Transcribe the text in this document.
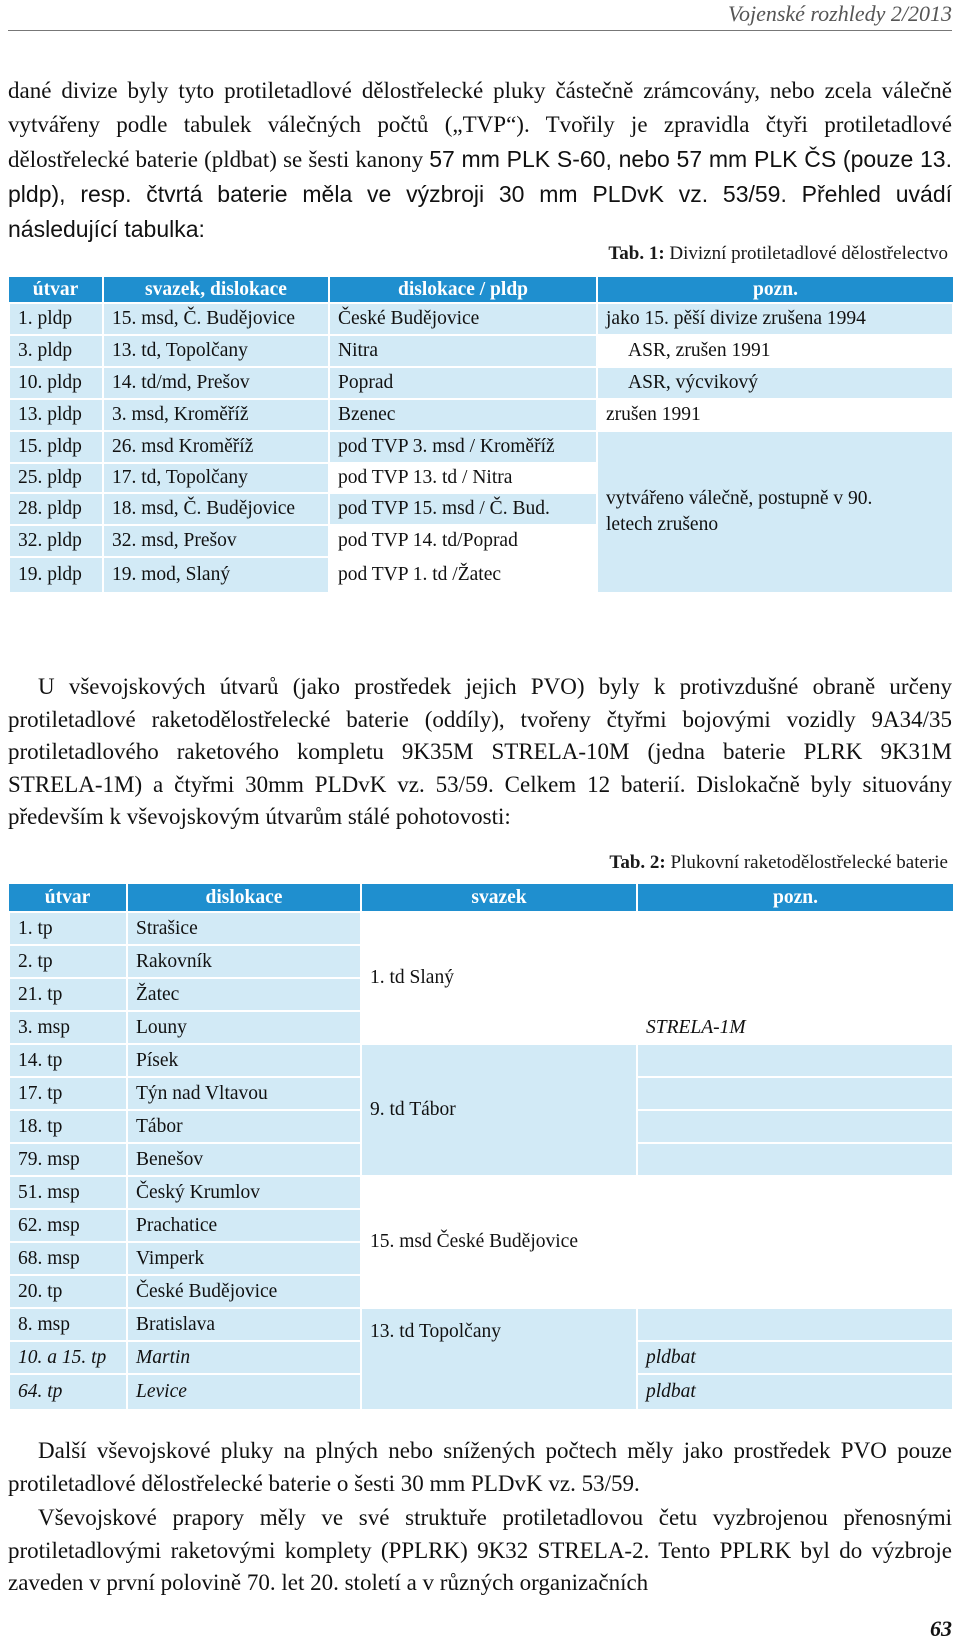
Vojenské rozhledy 2/2013

dané divize byly tyto protiletadlové dělostřelecké pluky částečně zrámcovány, nebo zcela válečně vytvářeny podle tabulek válečných počtů („TVP“). Tvořily je zpravidla čtyři protiletadlové dělostřelecké baterie (pldbat) se šesti kanony 57 mm PLK S-60, nebo 57 mm PLK ČS (pouze 13. pldp), resp. čtvrtá baterie měla ve výzbroji 30 mm PLDvK vz. 53/59. Přehled uvádí následující tabulka:

Tab. 1: Divizní protiletadlové dělostřelectvo
útvar	svazek, dislokace	dislokace / pldp	pozn.
1. pldp	15. msd, Č. Budějovice	České Budějovice	jako 15. pěší divize zrušena 1994
3. pldp	13. td, Topolčany	Nitra	ASR, zrušen 1991
10. pldp	14. td/md, Prešov	Poprad	ASR, výcvikový
13. pldp	3. msd, Kroměříž	Bzenec	zrušen 1991
15. pldp	26. msd Kroměříž	pod TVP 3. msd / Kroměříž	vytvářeno válečně, postupně v 90. letech zrušeno
25. pldp	17. td, Topolčany	pod TVP 13. td / Nitra	
28. pldp	18. msd, Č. Budějovice	pod TVP 15. msd / Č. Bud.	
32. pldp	32. msd, Prešov	pod TVP 14. td/Poprad	
19. pldp	19. mod, Slaný	pod TVP 1. td /Žatec	

U všev​ojskových útvarů (jako prostředek jejich PVO) byly k protivzdušné obraně určeny protiletadlové raketodělostřelecké baterie (oddíly), tvořeny čtyřmi bojovými vozidly 9A34/35 protiletadlového raketového kompletu 9K35M STRELA-10M (jedna baterie PLRK 9K31M STRELA-1M) a čtyřmi 30mm PLDvK vz. 53/59. Celkem 12 baterií. Dislokačně byly situovány především k všev​ojskovým útvarům stálé pohotovosti:

Tab. 2: Plukovní raketodělostřelecké baterie
útvar	dislokace	svazek	pozn.
1. tp	Strašice	1. td Slaný	
2. tp	Rakovník		
21. tp	Žatec		
3. msp	Louny		STRELA-1M
14. tp	Písek	9. td Tábor	
17. tp	Týn nad Vltavou		
18. tp	Tábor		
79. msp	Benešov		
51. msp	Český Krumlov	15. msd České Budějovice	
62. msp	Prachatice		
68. msp	Vimperk		
20. tp	České Budějovice		
8. msp	Bratislava	13. td Topolčany	
10. a 15. tp	Martin		pldbat
64. tp	Levice		pldbat

Další všev​ojskové pluky na plných nebo snížených počtech měly jako prostředek PVO pouze protiletadlové dělostřelecké baterie o šesti 30 mm PLDvK vz. 53/59.

Všev​ojskové prapory měly ve své struktuře protiletadlovou četu vyzbrojenou přenosnými protiletadlovými raketovými komplety (PPLRK) 9K32 STRELA-2. Tento PPLRK byl do výzbroje zaveden v první polovině 70. let 20. století a v různých organizačních

63
